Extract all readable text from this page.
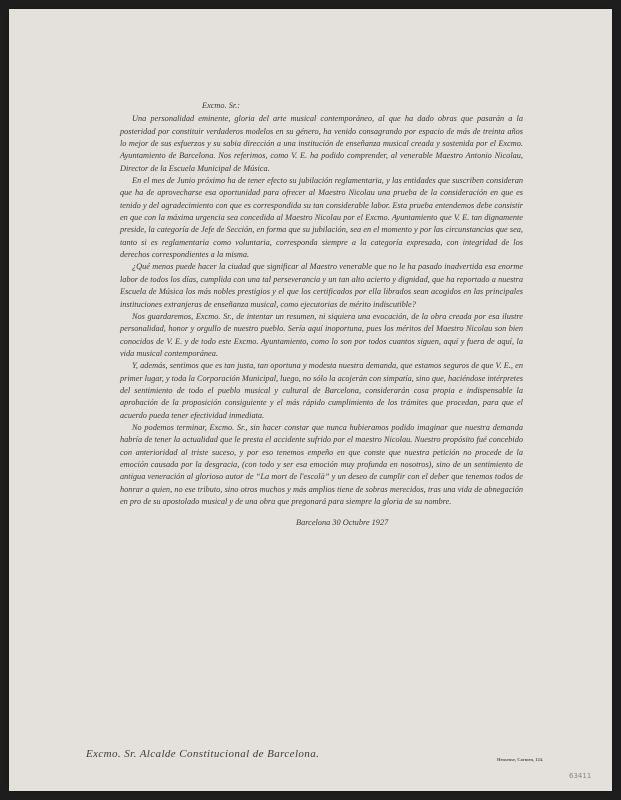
Excmo. Sr.:

Una personalidad eminente, gloria del arte musical contemporáneo, al que ha dado obras que pasarán a la posteridad por constituir verdaderos modelos en su género, ha venido consagrando por espacio de más de treinta años lo mejor de sus esfuerzos y su sabia dirección a una institución de enseñanza musical creada y sostenida por el Excmo. Ayuntamiento de Barcelona. Nos referimos, como V. E. ha podido comprender, al venerable Maestro Antonio Nicolau, Director de la Escuela Municipal de Música.

En el mes de Junio próximo ha de tener efecto su jubilación reglamentaria, y las entidades que suscriben consideran que ha de aprovecharse esa oportunidad para ofrecer al Maestro Nicolau una prueba de la consideración en que es tenido y del agradecimiento con que es correspondida su tan considerable labor. Esta prueba entendemos debe consistir en que con la máxima urgencia sea concedida al Maestro Nicolau por el Excmo. Ayuntamiento que V. E. tan dignamente preside, la categoría de Jefe de Sección, en forma que su jubilación, sea en el momento y por las circunstancias que sea, tanto si es reglamentaria como voluntaria, corresponda siempre a la categoría expresada, con integridad de los derechos correspondientes a la misma.

¿Qué menos puede hacer la ciudad que significar al Maestro venerable que no le ha pasado inadvertida esa enorme labor de todos los días, cumplida con una tal perseverancia y un tan alto acierto y dignidad, que ha reportado a nuestra Escuela de Música los más nobles prestigios y el que los certificados por ella librados sean acogidos en las principales instituciones extranjeras de enseñanza musical, como ejecutorias de mérito indiscutible?

Nos guardaremos, Excmo. Sr., de intentar un resumen, ni siquiera una evocación, de la obra creada por esa ilustre personalidad, honor y orgullo de nuestro pueblo. Sería aquí inoportuna, pues los méritos del Maestro Nicolau son bien conocidos de V. E. y de todo este Excmo. Ayuntamiento, como lo son por todos cuantos siguen, aquí y fuera de aquí, la vida musical contemporánea.

Y, además, sentimos que es tan justa, tan oportuna y modesta nuestra demanda, que estamos seguros de que V. E., en primer lugar, y toda la Corporación Municipal, luego, no sólo la acojerán con simpatía, sino que, haciéndose intérpretes del sentimiento de todo el pueblo musical y cultural de Barcelona, considerarán cosa propia e indispensable la aprobación de la proposición consiguiente y el más rápido cumplimiento de los trámites que procedan, para que el acuerdo pueda tener efectividad inmediata.

No podemos terminar, Excmo. Sr., sin hacer constar que nunca hubieramos podido imaginar que nuestra demanda habría de tener la actualidad que le presta el accidente sufrido por el maestro Nicolau. Nuestro propósito fué concebido con anterioridad al triste suceso, y por eso tenemos empeño en que conste que nuestra petición no procede de la emoción causada por la desgracia, (con todo y ser esa emoción muy profunda en nosotros), sino de un sentimiento de antigua veneración al glorioso autor de “La mort de l'escolà” y un deseo de cumplir con el deber que tenemos todos de honrar a quien, no ese tributo, sino otros muchos y más amplios tiene de sobras merecidos, tras una vida de abnegación en pro de su apostolado musical y de una obra que pregonará para siempre la gloria de su nombre.

Barcelona 30 Octubre 1927
Excmo. Sr. Alcalde Constitucional de Barcelona.	Henseuse, Carmen, 124.
63411
